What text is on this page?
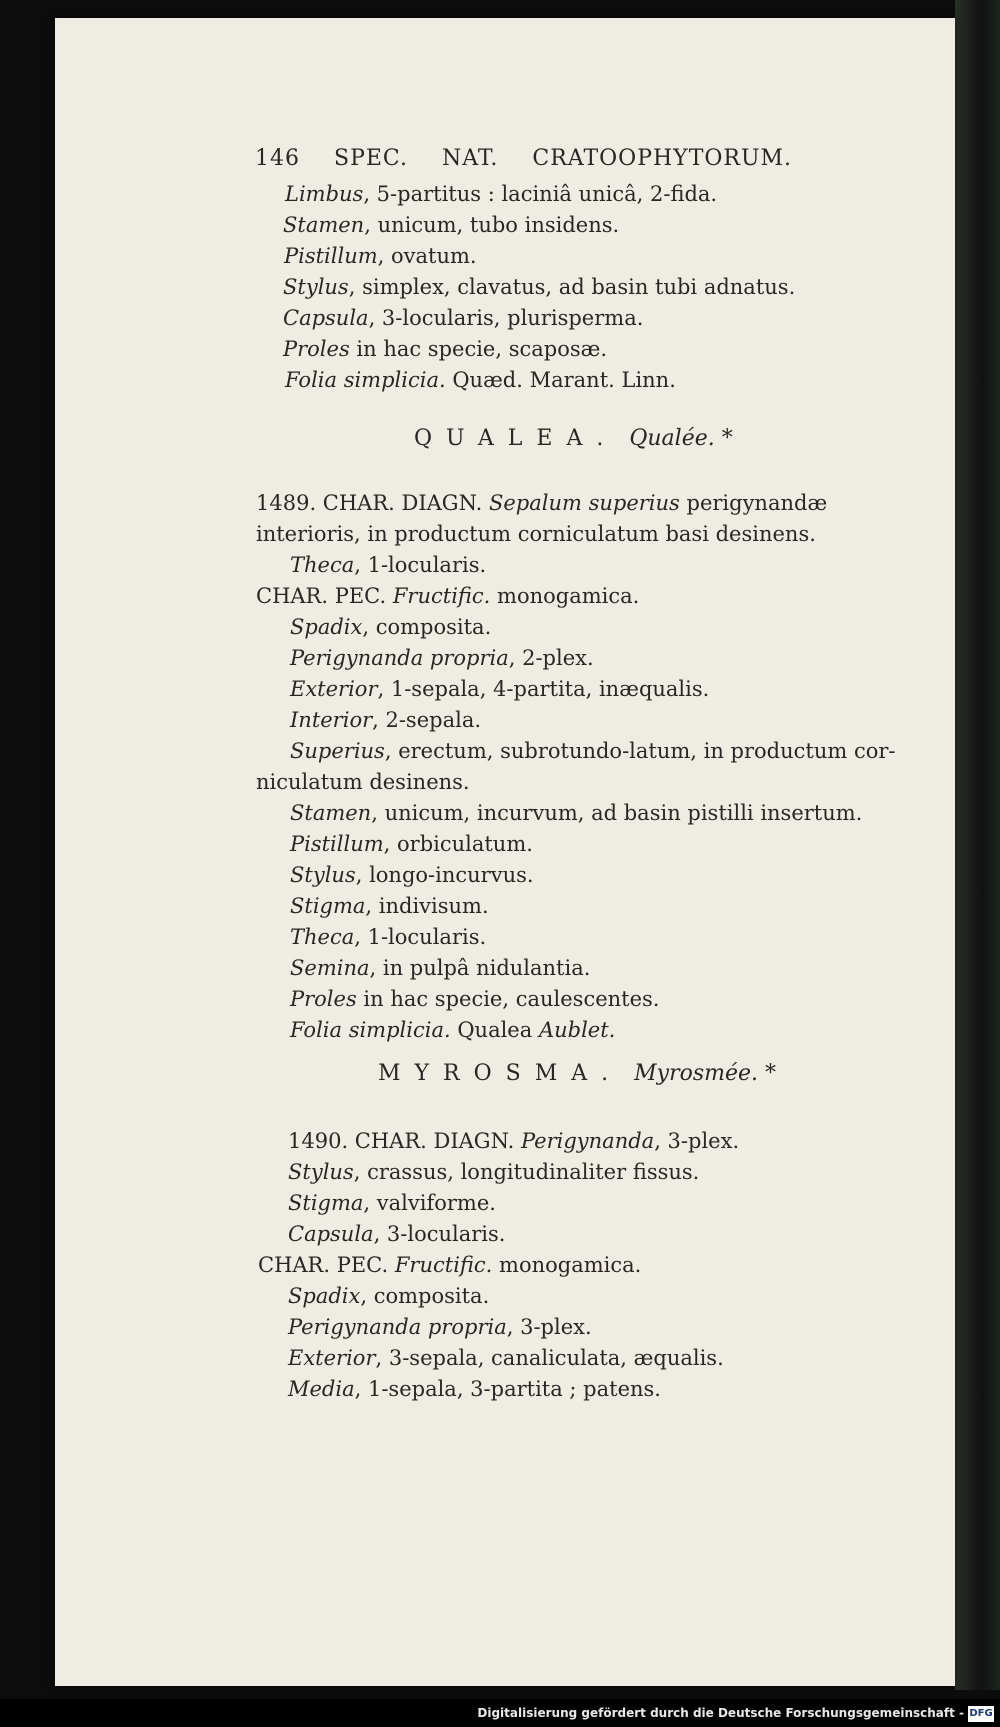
146 SPEC. NAT. CRATOOPHYTORUM.
Limbus, 5-partitus : laciniâ unicâ, 2-fida.
Stamen, unicum, tubo insidens.
Pistillum, ovatum.
Stylus, simplex, clavatus, ad basin tubi adnatus.
Capsula, 3-locularis, plurisperma.
Proles in hac specie, scaposæ.
Folia simplicia. Quæd. Marant. Linn.
QUALEA. Qualée. *
1489. CHAR. DIAGN. Sepalum superius perigynandæ
interioris, in productum corniculatum basi desinens.
Theca, 1-locularis.
CHAR. PEC. Fructific. monogamica.
Spadix, composita.
Perigynanda propria, 2-plex.
Exterior, 1-sepala, 4-partita, inæqualis.
Interior, 2-sepala.
Superius, erectum, subrotundo-latum, in productum cor-
niculatum desinens.
Stamen, unicum, incurvum, ad basin pistilli insertum.
Pistillum, orbiculatum.
Stylus, longo-incurvus.
Stigma, indivisum.
Theca, 1-locularis.
Semina, in pulpâ nidulantia.
Proles in hac specie, caulescentes.
Folia simplicia. Qualea Aublet.
MYROSMA. Myrosmée. *
1490. CHAR. DIAGN. Perigynanda, 3-plex.
Stylus, crassus, longitudinaliter fissus.
Stigma, valviforme.
Capsula, 3-locularis.
CHAR. PEC. Fructific. monogamica.
Spadix, composita.
Perigynanda propria, 3-plex.
Exterior, 3-sepala, canaliculata, æqualis.
Media, 1-sepala, 3-partita ; patens.
Digitalisierung gefördert durch die Deutsche Forschungsgemeinschaft - DFG
